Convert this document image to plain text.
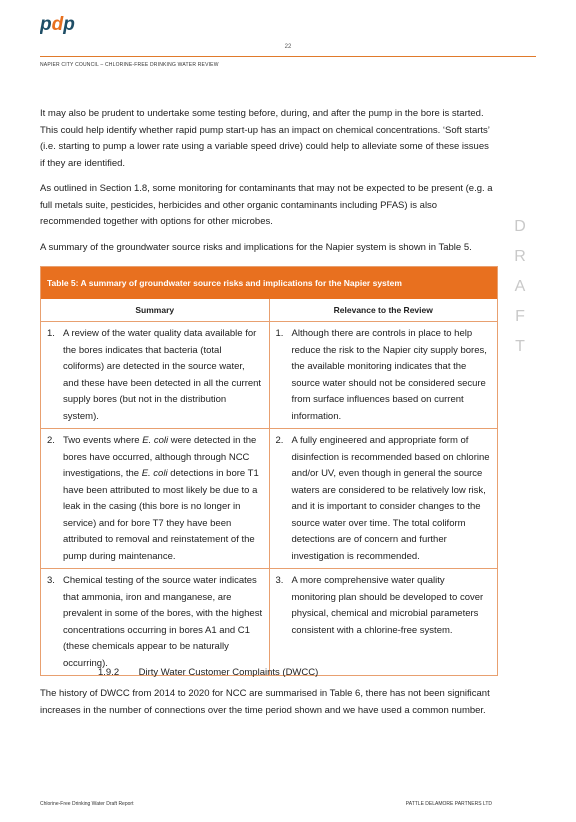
pdp
22
NAPIER CITY COUNCIL – CHLORINE-FREE DRINKING WATER REVIEW

It may also be prudent to undertake some testing before, during, and after the pump in the bore is started. This could help identify whether rapid pump start-up has an impact on chemical concentrations. ‘Soft starts’ (i.e. starting to pump a lower rate using a variable speed drive) could help to alleviate some of these issues if they are identified.

As outlined in Section 1.8, some monitoring for contaminants that may not be expected to be present (e.g. a full metals suite, pesticides, herbicides and other organic contaminants including PFAS) is also recommended together with options for other microbes.

A summary of the groundwater source risks and implications for the Napier system is shown in Table 5.

D
R
A
F
T
Table 5: A summary of groundwater source risks and implications for the Napier system
Summary	Relevance to the Review
1. A review of the water quality data available for the bores indicates that bacteria (total coliforms) are detected in the source water, and these have been detected in all the current supply bores (but not in the distribution system).
1. Although there are controls in place to help reduce the risk to the Napier city supply bores, the available monitoring indicates that the source water should not be considered secure from surface influences based on current information.
2. Two events where E. coli were detected in the bores have occurred, although through NCC investigations, the E. coli detections in bore T1 have been attributed to most likely be due to a leak in the casing (this bore is no longer in service) and for bore T7 they have been attributed to removal and reinstatement of the pump during maintenance.
2. A fully engineered and appropriate form of disinfection is recommended based on chlorine and/or UV, even though in general the source waters are considered to be relatively low risk, and it is important to consider changes to the source water over time. The total coliform detections are of concern and further investigation is recommended.
3. Chemical testing of the source water indicates that ammonia, iron and manganese, are prevalent in some of the bores, with the highest concentrations occurring in bores A1 and C1 (these chemicals appear to be naturally occurring).
3. A more comprehensive water quality monitoring plan should be developed to cover physical, chemical and microbial parameters consistent with a chlorine-free system.
1.9.2 Dirty Water Customer Complaints (DWCC)

The history of DWCC from 2014 to 2020 for NCC are summarised in Table 6, there has not been significant increases in the number of connections over the time period shown and we have used a common number.

Chlorine-Free Drinking Water Draft Report	PATTLE DELAMORE PARTNERS LTD
